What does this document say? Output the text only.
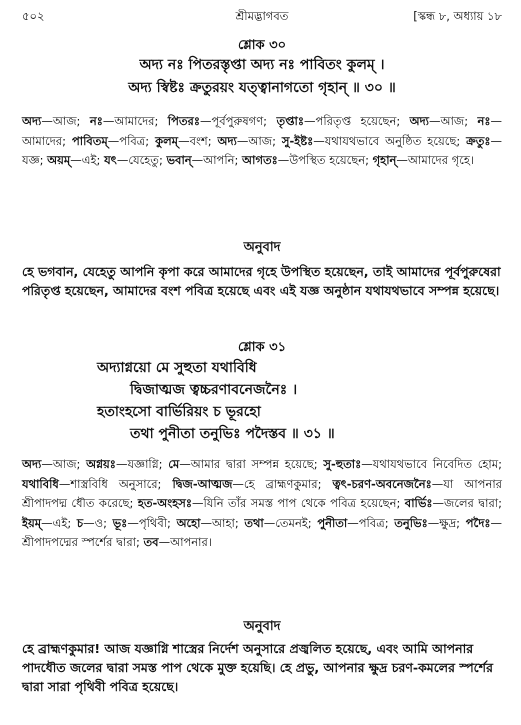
৫০২	শ্রীমদ্ভাগবত	[স্কন্ধ ৮, অধ্যায় ১৮

শ্লোক ৩০

অদ্য নঃ পিতরস্তৃপ্তা অদ্য নঃ পাবিতং কুলম্ ।

অদ্য স্বিষ্টঃ ক্রতুরয়ং যত্ত্বানাগতো গৃহান্ ॥ ৩০ ॥

অদ্য—আজ; নঃ—আমাদের; পিতরঃ—পূর্বপুরুষগণ; তৃপ্তাঃ—পরিতৃপ্ত হয়েছেন; অদ্য—আজ; নঃ—আমাদের; পাবিতম্—পবিত্র; কুলম্—বংশ; অদ্য—আজ; সু-ইষ্টঃ—যথাযথভাবে অনুষ্ঠিত হয়েছে; ক্রতুঃ—যজ্ঞ; অয়ম্—এই; যৎ—যেহেতু; ভবান্—আপনি; আগতঃ—উপস্থিত হয়েছেন; গৃহান্—আমাদের গৃহে।

অনুবাদ

হে ভগবান, যেহেতু আপনি কৃপা করে আমাদের গৃহে উপস্থিত হয়েছেন, তাই আমাদের পূর্বপুরুষেরা পরিতৃপ্ত হয়েছেন, আমাদের বংশ পবিত্র হয়েছে এবং এই যজ্ঞ অনুষ্ঠান যথাযথভাবে সম্পন্ন হয়েছে।

শ্লোক ৩১

অদ্যাগ্নয়ো মে সুহুতা যথাবিধি

দ্বিজাত্মজ ত্বচ্চরণাবনেজনৈঃ ।

হতাংহসো বার্ভিরিয়ং চ ভূরহো

তথা পুনীতা তনুভিঃ পদৈস্তব ॥ ৩১ ॥

অদ্য—আজ; অগ্নয়ঃ—যজ্ঞাগ্নি; মে—আমার দ্বারা সম্পন্ন হয়েছে; সু-হুতাঃ—যথাযথভাবে নিবেদিত হোম; যথাবিধি—শাস্ত্রবিধি অনুসারে; দ্বিজ-আত্মজ—হে ব্রাহ্মণকুমার; ত্বৎ-চরণ-অবনেজনৈঃ—যা আপনার শ্রীপাদপদ্ম ধৌত করেছে; হত-অংহসঃ—যিনি তাঁর সমস্ত পাপ থেকে পবিত্র হয়েছেন; বার্ভিঃ—জলের দ্বারা; ইয়ম্—এই; চ—ও; ভূঃ—পৃথিবী; অহো—আহা; তথা—তেমনই; পুনীতা—পবিত্র; তনুভিঃ—ক্ষুদ্র; পদৈঃ—শ্রীপাদপদ্মের স্পর্শের দ্বারা; তব—আপনার।

অনুবাদ

হে ব্রাহ্মণকুমার! আজ যজ্ঞাগ্নি শাস্ত্রের নির্দেশ অনুসারে প্রজ্বলিত হয়েছে, এবং আমি আপনার পাদধৌত জলের দ্বারা সমস্ত পাপ থেকে মুক্ত হয়েছি। হে প্রভু, আপনার ক্ষুদ্র চরণ-কমলের স্পর্শের দ্বারা সারা পৃথিবী পবিত্র হয়েছে।
